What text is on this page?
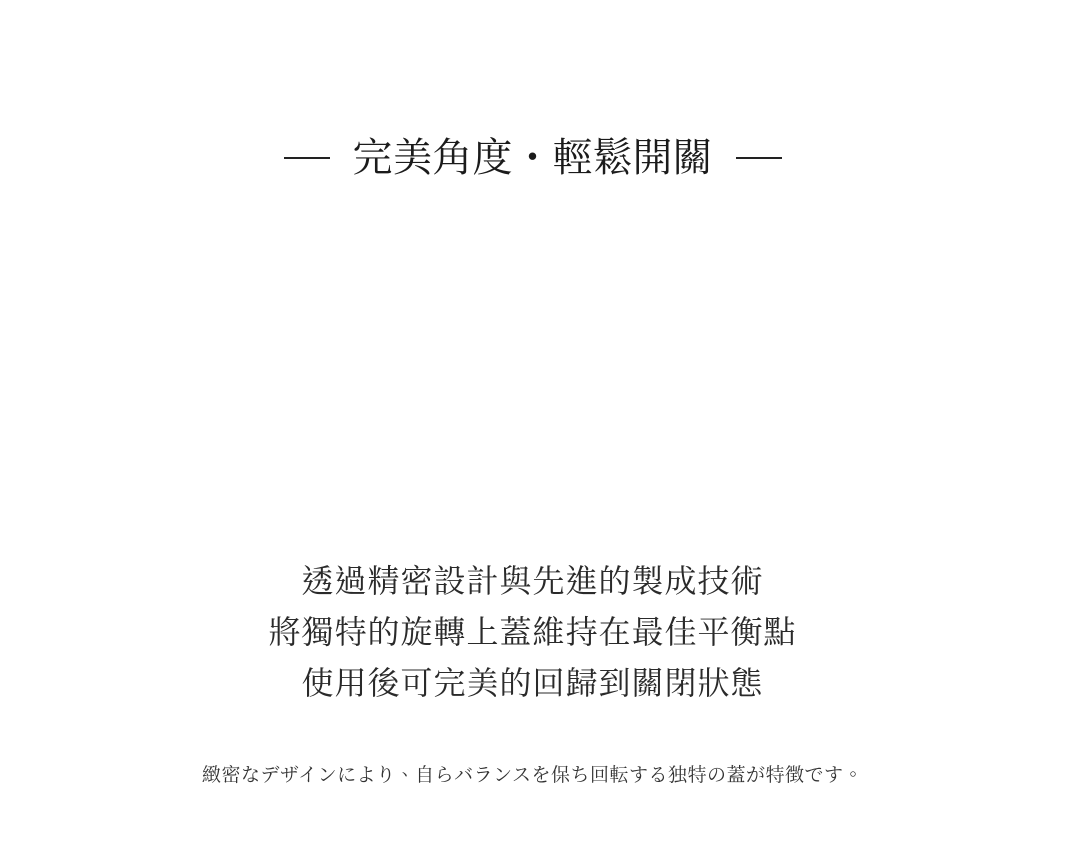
完美角度・輕鬆開關
透過精密設計與先進的製成技術
將獨特的旋轉上蓋維持在最佳平衡點
使用後可完美的回歸到關閉狀態

緻密なデザインにより、自らバランスを保ち回転する独特の蓋が特徴です。
